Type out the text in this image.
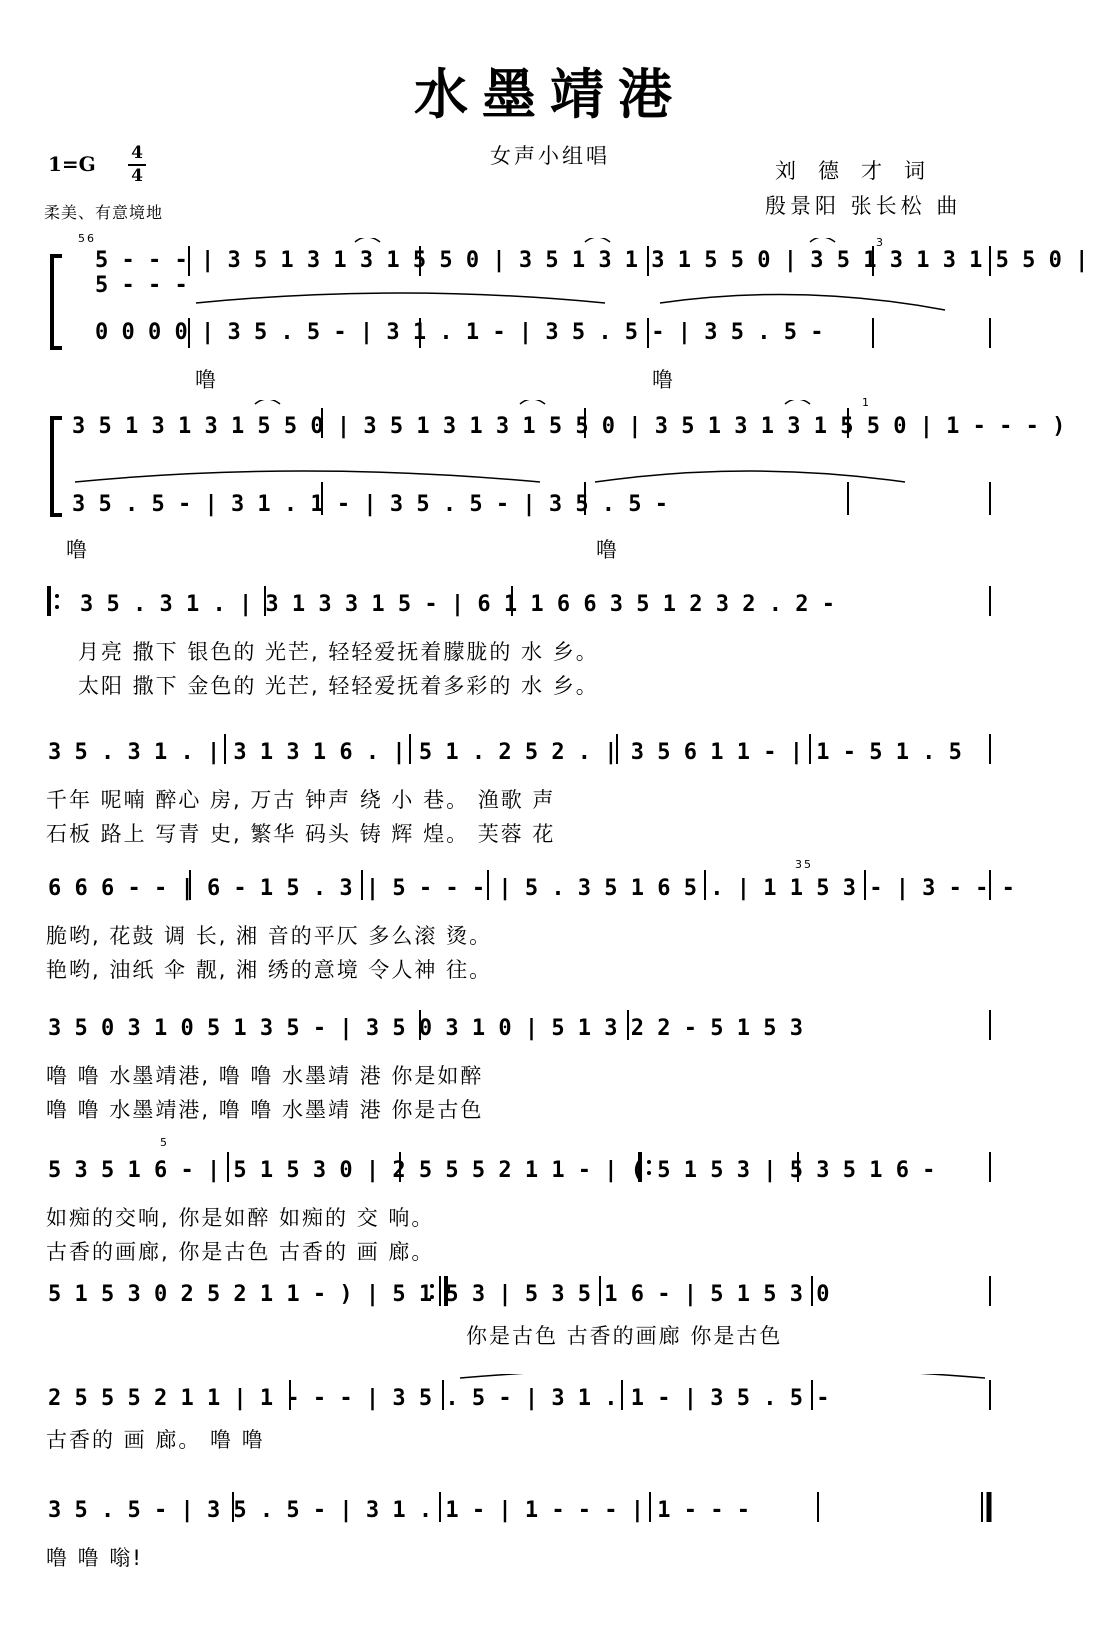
水墨靖港
女声小组唱
1=G 4
4
柔美、有意境地
刘德才词
殷景阳 张长松 曲
5 - - - | 3 5 1 3 1 3 1 5 5 0 | 3 5 1 3 1 3 1 5 5 0 | 3 5 1 3 1 3 1 5 5 0 | 5 - - -
0 0 0 0 | 3 5 . 5 - | 3 1 . 1 - | 3 5 . 5 - | 3 5 . 5 -
噜	噜
56	3
3 5 1 3 1 3 1 5 5 0 | 3 5 1 3 1 3 1 5 5 0 | 3 5 1 3 1 3 1 5 5 0 | 1 - - - )
3 5 . 5 - | 3 1 . 1 - | 3 5 . 5 - | 3 5 . 5 -
噜	噜
1
3 5 . 3 1 . | 3 1 3 3 1 5 - | 6 1 1 6 6 3 5 1 2 3 2 . 2 -
月亮 撒下 银色的 光芒, 轻轻爱抚着朦胧的 水 乡。
太阳 撒下 金色的 光芒, 轻轻爱抚着多彩的 水 乡。
3 5 . 3 1 . | 3 1 3 1 6 . | 5 1 . 2 5 2 . | 3 5 6 1 1 - | 1 - 5 1 . 5
千年 呢喃 醉心 房, 万古 钟声 绕 小 巷。 渔歌 声
石板 路上 写青 史, 繁华 码头 铸 辉 煌。 芙蓉 花
6 6 6 - - | 6 - 1 5 . 3 | 5 - - - | 5 . 3 5 1 6 5 . | 1 1 5 3 - | 3 - - -
脆哟, 花鼓 调 长, 湘 音的平仄 多么滚 烫。
艳哟, 油纸 伞 靓, 湘 绣的意境 令人神 往。
35
3 5 0 3 1 0 5 1 3 5 - | 3 5 0 3 1 0 | 5 1 3 2 2 - 5 1 5 3
噜 噜 水墨靖港, 噜 噜 水墨靖 港 你是如醉
噜 噜 水墨靖港, 噜 噜 水墨靖 港 你是古色
5 3 5 1 6 - | 5 1 5 3 0 | 2 5 5 5 2 1 1 - | ( 5 1 5 3 | 5 3 5 1 6 -
如痴的交响, 你是如醉 如痴的 交 响。
古香的画廊, 你是古色 古香的 画 廊。
5
5 1 5 3 0 2 5 2 1 1 - ) | 5 1 5 3 | 5 3 5 1 6 - | 5 1 5 3 0
你是古色 古香的画廊 你是古色
2 5 5 5 2 1 1 | 1 - - - | 3 5 . 5 - | 3 1 . 1 - | 3 5 . 5 -
古香的 画 廊。 噜 噜
3 5 . 5 - | 3 5 . 5 - | 3 1 . 1 - | 1 - - - | 1 - - -
噜 噜 嗡!
